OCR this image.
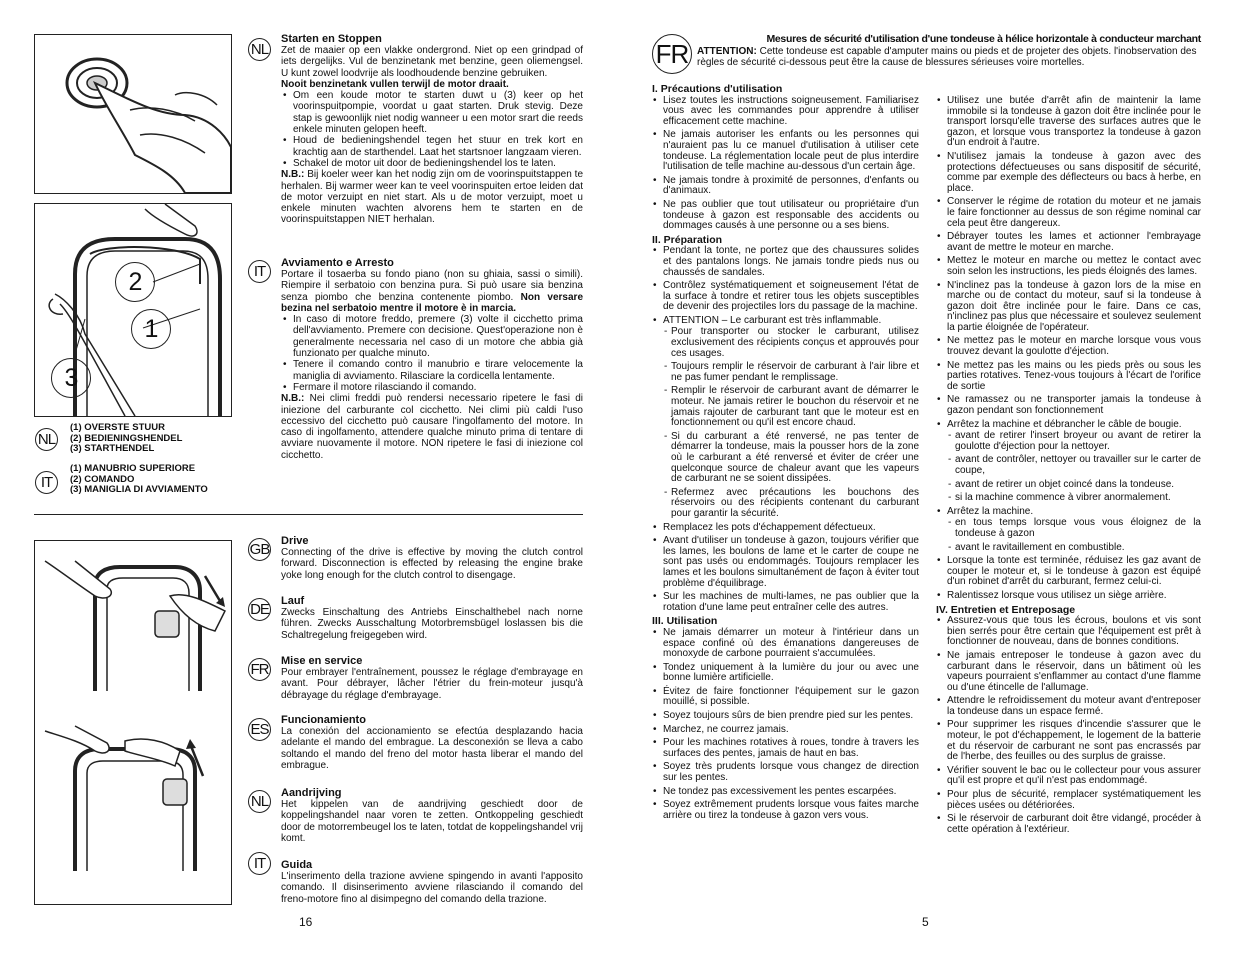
2
1
3
NL
(1) OVERSTE STUUR
(2) BEDIENINGSHENDEL
(3) STARTHENDEL
IT
(1) MANUBRIO SUPERIORE
(2) COMANDO
(3) MANIGLIA DI AVVIAMENTO
NL
Starten en Stoppen

Zet de maaier op een vlakke ondergrond. Niet op een grindpad of iets dergelijks. Vul de benzinetank met benzine, geen oliemengsel. U kunt zowel loodvrije als loodhoudende benzine gebruiken.
Nooit benzinetank vullen terwijl de motor draait.

• Om een koude motor te starten duwt u (3) keer op het voorinspuitpompie, voordat u gaat starten. Druk stevig. Deze stap is gewoonlijk niet nodig wanneer u een motor srart die reeds enkele minuten gelopen heeft.
• Houd de bedieningshendel tegen het stuur en trek kort en krachtig aan de starthendel. Laat het startsnoer langzaam vieren.
• Schakel de motor uit door de bedieningshendel los te laten.

N.B.: Bij koeler weer kan het nodig zijn om de voorinspuitstappen te herhalen. Bij warmer weer kan te veel voorinspuiten ertoe leiden dat de motor verzuipt en niet start. Als u de motor verzuipt, moet u enkele minuten wachten alvorens hem te starten en de voorinspuitstappen NIET herhalan.

IT	Avviamento e Arresto

Portare il tosaerba su fondo piano (non su ghiaia, sassi o simili). Riempire il serbatoio con benzina pura. Si può usare sia benzina senza piombo che benzina contenente piombo. Non versare bezina nel serbatoio mentre il motore è in marcia.

• In caso di motore freddo, premere (3) volte il cicchetto prima dell'avviamento. Premere con decisione. Quest'operazione non è generalmente necessaria nel caso di un motore che abbia già funzionato per qualche minuto.
• Tenere il comando contro il manubrio e tirare velocemente la maniglia di avviamento. Rilasciare la cordicella lentamente.
• Fermare il motore rilasciando il comando.

N.B.: Nei climi freddi può rendersi necessario ripetere le fasi di iniezione del carburante col cicchetto. Nei climi più caldi l'uso eccessivo del cicchetto può causare l'ingolfamento del motore. In caso di ingolfamento, attendere qualche minuto prima di tentare di avviare nuovamente il motore. NON ripetere le fasi di iniezione col cicchetto.

GB Drive

Connecting of the drive is effective by moving the clutch control forward. Disconnection is effected by releasing the engine brake yoke long enough for the clutch control to disengage.

DE Lauf

Zwecks Einschaltung des Antriebs Einschalthebel nach norne führen. Zwecks Ausschaltung Motorbremsbügel loslassen bis die Schaltregelung freigegeben wird.

FR Mise en service

Pour embrayer l'entraînement, poussez le réglage d'embrayage en avant. Pour débrayer, lâcher l'étrier du frein-moteur jusqu'à débrayage du réglage d'embrayage.

ES
Funcionamiento

La conexión del accionamiento se efectúa desplazando hacia adelante el mando del embrague. La desconexión se lleva a cabo soltando el mando del freno del motor hasta liberar el mando del embrague.

NL Aandrijving

Het kippelen van de aandrijving geschiedt door de koppelingshandel naar voren te zetten. Ontkoppeling geschiedt door de motorrembeugel los te laten, totdat de koppelingshandel vrij komt.

IT	Guida

L'inserimento della trazione avviene spingendo in avanti l'apposito comando. Il disinserimento avviene rilasciando il comando del freno-motore fino al disimpegno del comando della trazione.

16
FR	Mesures de sécurité d'utilisation d'une tondeuse à hélice horizontale à conducteur marchant
ATTENTION: Cette tondeuse est capable d'amputer mains ou pieds et de projeter des objets. l'inobservation des règles de sécurité ci-dessous peut être la cause de blessures sérieuses voire mortelles.
I. Précautions d'utilisation
• Lisez toutes les instructions soigneusement. Familiarisez vous avec les commandes pour apprendre à utiliser efficacement cette machine.
• Ne jamais autoriser les enfants ou les personnes qui n'auraient pas lu ce manuel d'utilisation à utiliser cete tondeuse. La réglementation locale peut de plus interdire l'utilisation de telle machine au-dessous d'un certain âge.
• Ne jamais tondre à proximité de personnes, d'enfants ou d'animaux.
• Ne pas oublier que tout utilisateur ou propriétaire d'un tondeuse à gazon est responsable des accidents ou dommages causés à une personne ou a ses biens.
II. Préparation
• Pendant la tonte, ne portez que des chaussures solides et des pantalons longs. Ne jamais tondre pieds nus ou chaussés de sandales.
• Contrôlez systématiquement et soigneusement l'état de la surface à tondre et retirer tous les objets susceptibles de devenir des projectiles lors du passage de la machine.
• ATTENTION – Le carburant est très inflammable.
- Pour transporter ou stocker le carburant, utilisez exclusivement des récipients conçus et approuvés pour ces usages.
- Toujours remplir le réservoir de carburant à l'air libre et ne pas fumer pendant le remplissage.
- Remplir le réservoir de carburant avant de démarrer le moteur. Ne jamais retirer le bouchon du réservoir et ne jamais rajouter de carburant tant que le moteur est en fonctionnement ou qu'il est encore chaud.
- Si du carburant a été renversé, ne pas tenter de démarrer la tondeuse, mais la pousser hors de la zone où le carburant a été renversé et éviter de créer une quelconque source de chaleur avant que les vapeurs de carburant ne se soient dissipées.
- Refermez avec précautions les bouchons des réservoirs ou des récipients contenant du carburant pour garantir la sécurité.
• Remplacez les pots d'échappement défectueux.
• Avant d'utiliser un tondeuse à gazon, toujours vérifier que les lames, les boulons de lame et le carter de coupe ne sont pas usés ou endommagés. Toujours remplacer les lames et les boulons simultanément de façon à éviter tout problème d'équilibrage.
• Sur les machines de multi-lames, ne pas oublier que la rotation d'une lame peut entraîner celle des autres.
III. Utilisation
• Ne jamais démarrer un moteur à l'intérieur dans un espace confiné où des émanations dangereuses de monoxyde de carbone pourraient s'accumulées.
• Tondez uniquement à la lumière du jour ou avec une bonne lumière artificielle.
• Évitez de faire fonctionner l'équipement sur le gazon mouillé, si possible.
• Soyez toujours sûrs de bien prendre pied sur les pentes.
• Marchez, ne courrez jamais.
• Pour les machines rotatives à roues, tondre à travers les surfaces des pentes, jamais de haut en bas.
• Soyez très prudents lorsque vous changez de direction sur les pentes.
• Ne tondez pas excessivement les pentes escarpées.
• Soyez extrêmement prudents lorsque vous faites marche arrière ou tirez la tondeuse à gazon vers vous.
• Utilisez une butée d'arrêt afin de maintenir la lame immobile si la tondeuse à gazon doit être inclinée pour le transport lorsqu'elle traverse des surfaces autres que le gazon, et lorsque vous transportez la tondeuse à gazon d'un endroit à l'autre.
• N'utilisez jamais la tondeuse à gazon avec des protections défectueuses ou sans dispositif de sécurité, comme par exemple des déflecteurs ou bacs à herbe, en place.
• Conserver le régime de rotation du moteur et ne jamais le faire fonctionner au dessus de son régime nominal car cela peut être dangereux.
• Débrayer toutes les lames et actionner l'embrayage avant de mettre le moteur en marche.
• Mettez le moteur en marche ou mettez le contact avec soin selon les instructions, les pieds éloignés des lames.
• N'inclinez pas la tondeuse à gazon lors de la mise en marche ou de contact du moteur, sauf si la tondeuse à gazon doit être inclinée pour le faire. Dans ce cas, n'inclinez pas plus que nécessaire et soulevez seulement la partie éloignée de l'opérateur.
• Ne mettez pas le moteur en marche lorsque vous vous trouvez devant la goulotte d'éjection.
• Ne mettez pas les mains ou les pieds près ou sous les parties rotatives. Tenez-vous toujours à l'écart de l'orifice de sortie
• Ne ramassez ou ne transporter jamais la tondeuse à gazon pendant son fonctionnement
• Arrêtez la machine et débrancher le câble de bougie.
- avant de retirer l'insert broyeur ou avant de retirer la goulotte d'éjection pour la nettoyer.
- avant de contrôler, nettoyer ou travailler sur le carter de coupe,
- avant de retirer un objet coincé dans la tondeuse.
- si la machine commence à vibrer anormalement.
• Arrêtez la machine.
- en tous temps lorsque vous vous éloignez de la tondeuse à gazon
- avant le ravitaillement en combustible.
• Lorsque la tonte est terminée, réduisez les gaz avant de couper le moteur et, si le tondeuse à gazon est équipé d'un robinet d'arrêt du carburant, fermez celui-ci.
• Ralentissez lorsque vous utilisez un siège arrière.
IV. Entretien et Entreposage
• Assurez-vous que tous les écrous, boulons et vis sont bien serrés pour être certain que l'équipement est prêt à fonctionner de nouveau, dans de bonnes conditions.
• Ne jamais entreposer le tondeuse à gazon avec du carburant dans le réservoir, dans un bâtiment où les vapeurs pourraient s'enflammer au contact d'une flamme ou d'une étincelle de l'allumage.
• Attendre le refroidissement du moteur avant d'entreposer la tondeuse dans un espace fermé.
• Pour supprimer les risques d'incendie s'assurer que le moteur, le pot d'échappement, le logement de la batterie et du réservoir de carburant ne sont pas encrassés par de l'herbe, des feuilles ou des surplus de graisse.
• Vérifier souvent le bac ou le collecteur pour vous assurer qu'il est propre et qu'il n'est pas endommagé.
• Pour plus de sécurité, remplacer systématiquement les pièces usées ou détériorées.
• Si le réservoir de carburant doit être vidangé, procéder à cette opération à l'extérieur.
5
